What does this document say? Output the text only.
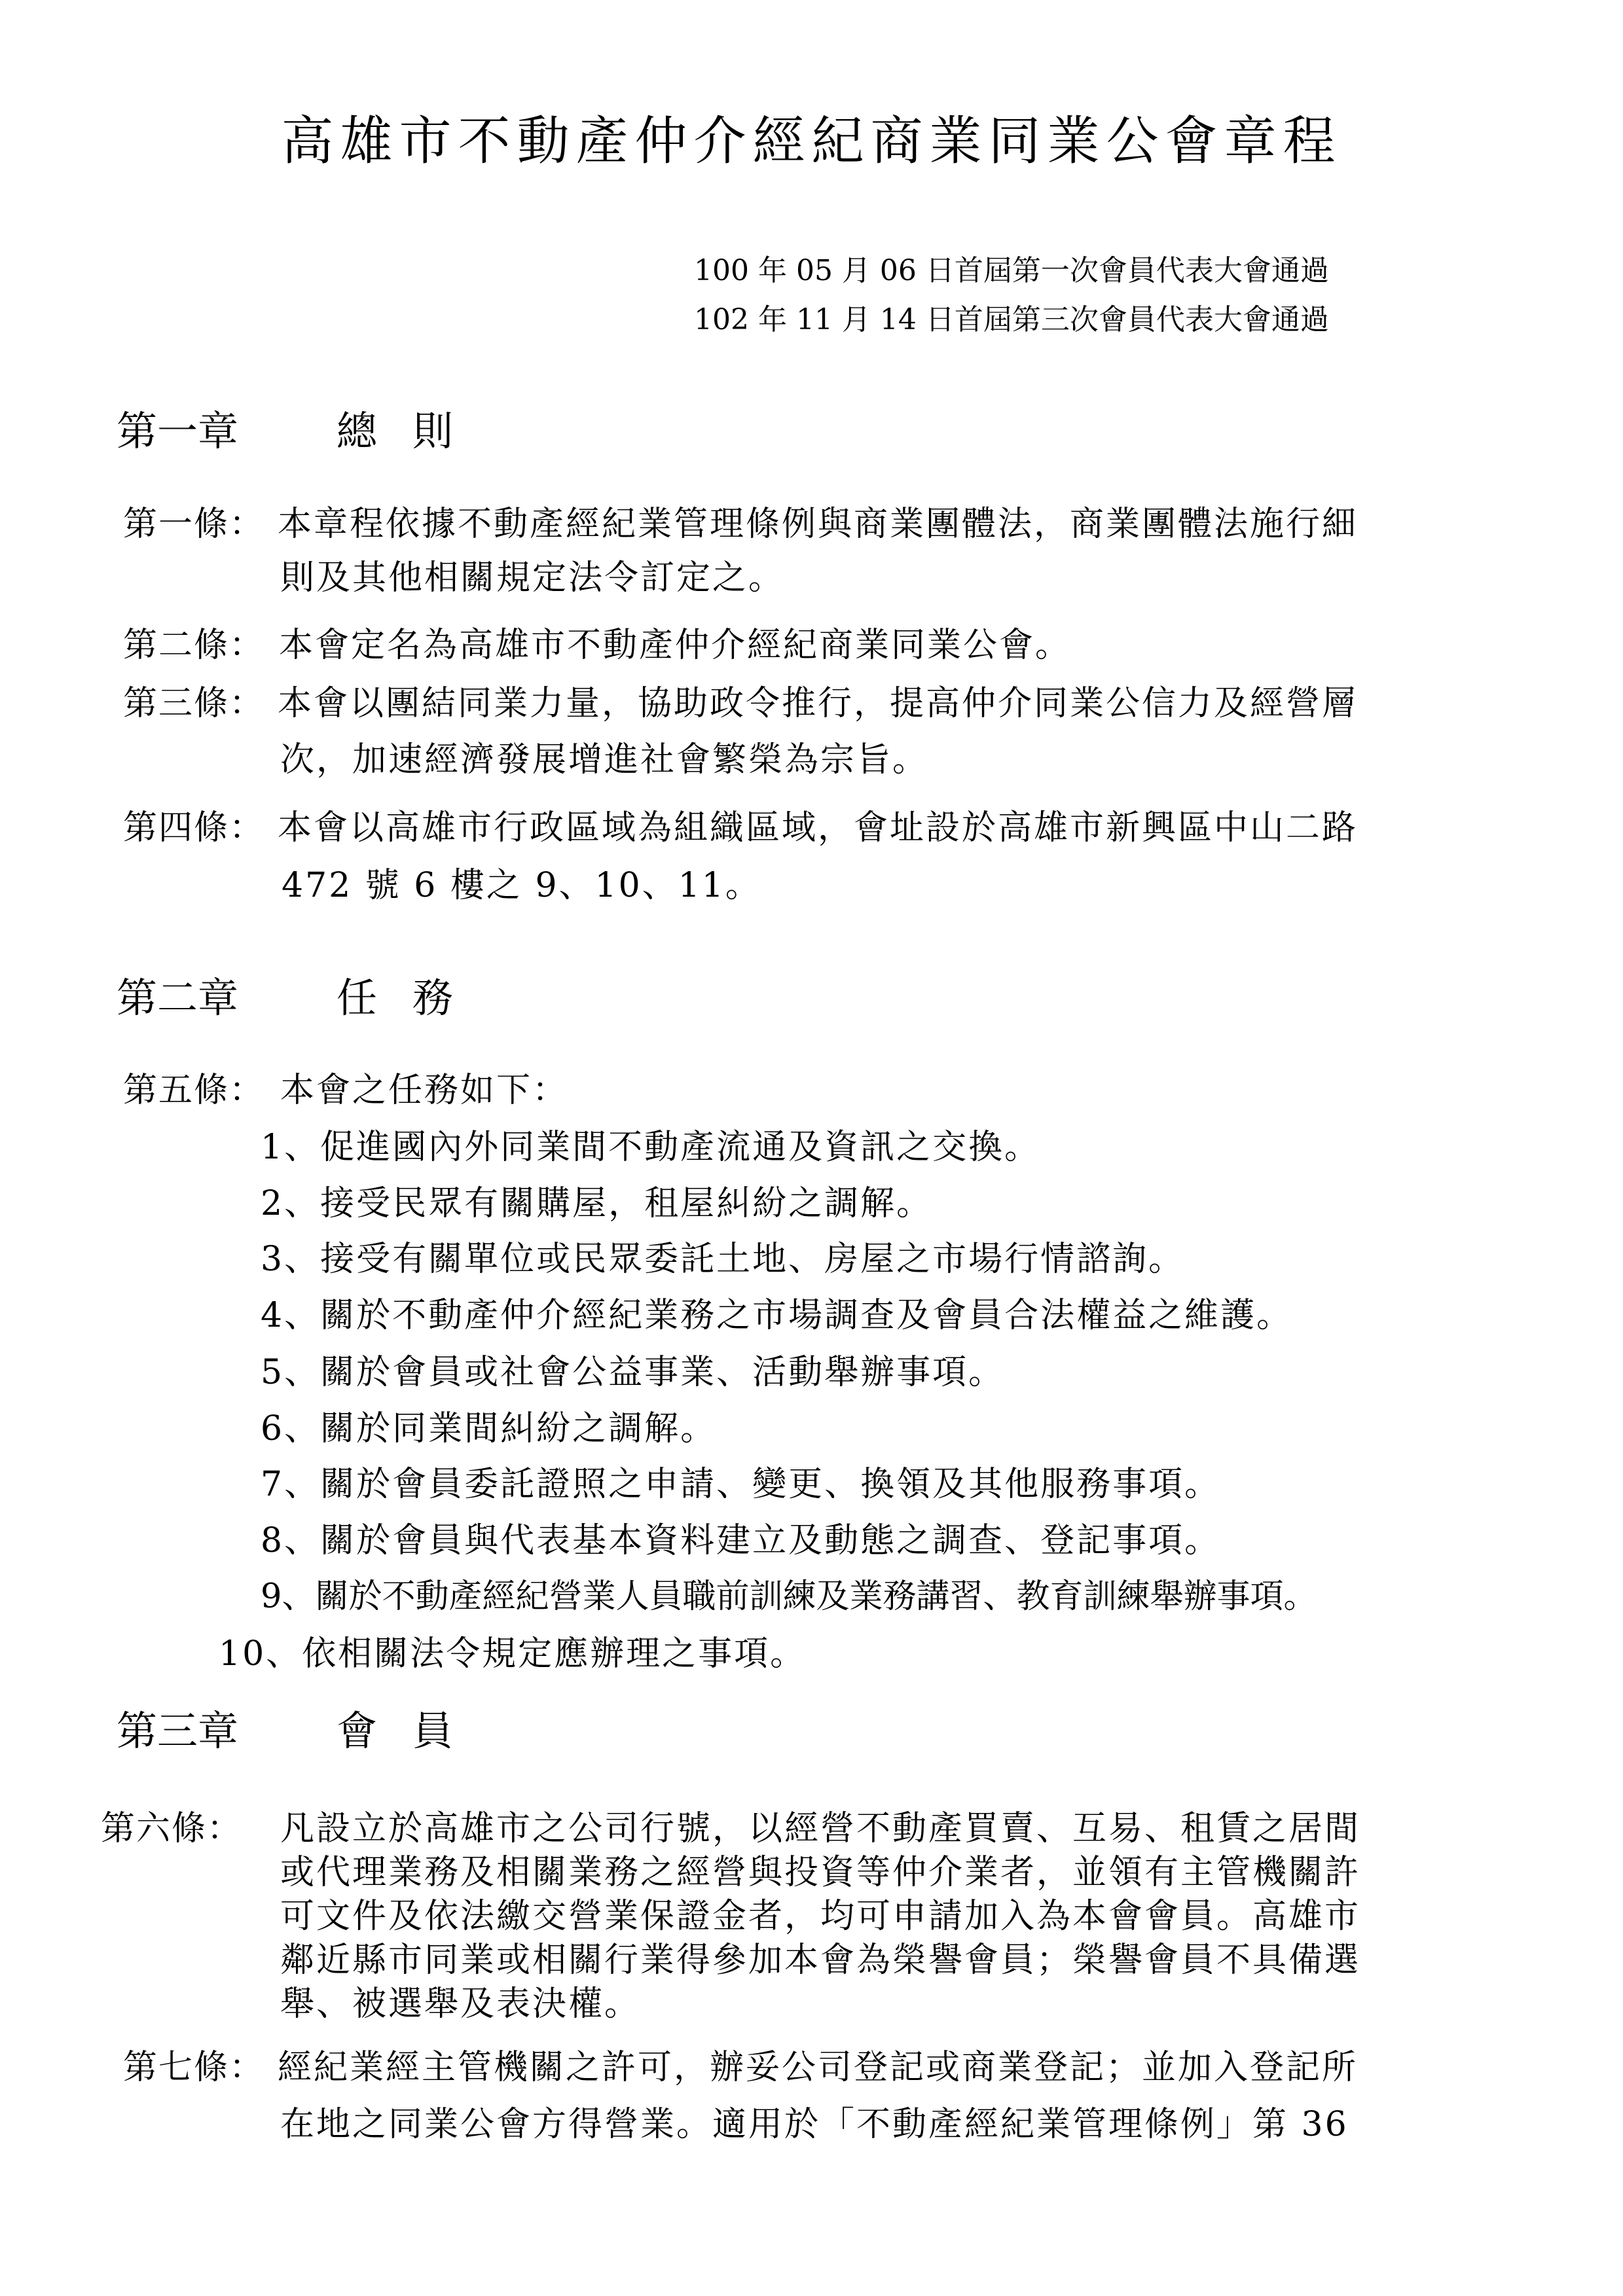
高雄市不動產仲介經紀商業同業公會章程
100 年 05 月 06 日首屆第一次會員代表大會通過
102 年 11 月 14 日首屆第三次會員代表大會通過
第一章 總則
第一條： 本章程依據不動產經紀業管理條例與商業團體法，商業團體法施行細
則及其他相關規定法令訂定之。
第二條： 本會定名為高雄市不動產仲介經紀商業同業公會。
第三條： 本會以團結同業力量，協助政令推行，提高仲介同業公信力及經營層
次，加速經濟發展增進社會繁榮為宗旨。
第四條： 本會以高雄市行政區域為組織區域，會址設於高雄市新興區中山二路
472 號 6 樓之 9、10、11。
第二章 任務
第五條： 本會之任務如下：
1、促進國內外同業間不動產流通及資訊之交換。
2、接受民眾有關購屋，租屋糾紛之調解。
3、接受有關單位或民眾委託土地、房屋之市場行情諮詢。
4、關於不動產仲介經紀業務之市場調查及會員合法權益之維護。
5、關於會員或社會公益事業、活動舉辦事項。
6、關於同業間糾紛之調解。
7、關於會員委託證照之申請、變更、換領及其他服務事項。
8、關於會員與代表基本資料建立及動態之調查、登記事項。
9、關於不動產經紀營業人員職前訓練及業務講習、教育訓練舉辦事項。
10、依相關法令規定應辦理之事項。
第三章 會員
第六條： 凡設立於高雄市之公司行號，以經營不動產買賣、互易、租賃之居間
或代理業務及相關業務之經營與投資等仲介業者，並領有主管機關許
可文件及依法繳交營業保證金者，均可申請加入為本會會員。高雄市
鄰近縣市同業或相關行業得參加本會為榮譽會員；榮譽會員不具備選
舉、被選舉及表決權。
第七條： 經紀業經主管機關之許可，辦妥公司登記或商業登記；並加入登記所
在地之同業公會方得營業。適用於「不動產經紀業管理條例」第 36
